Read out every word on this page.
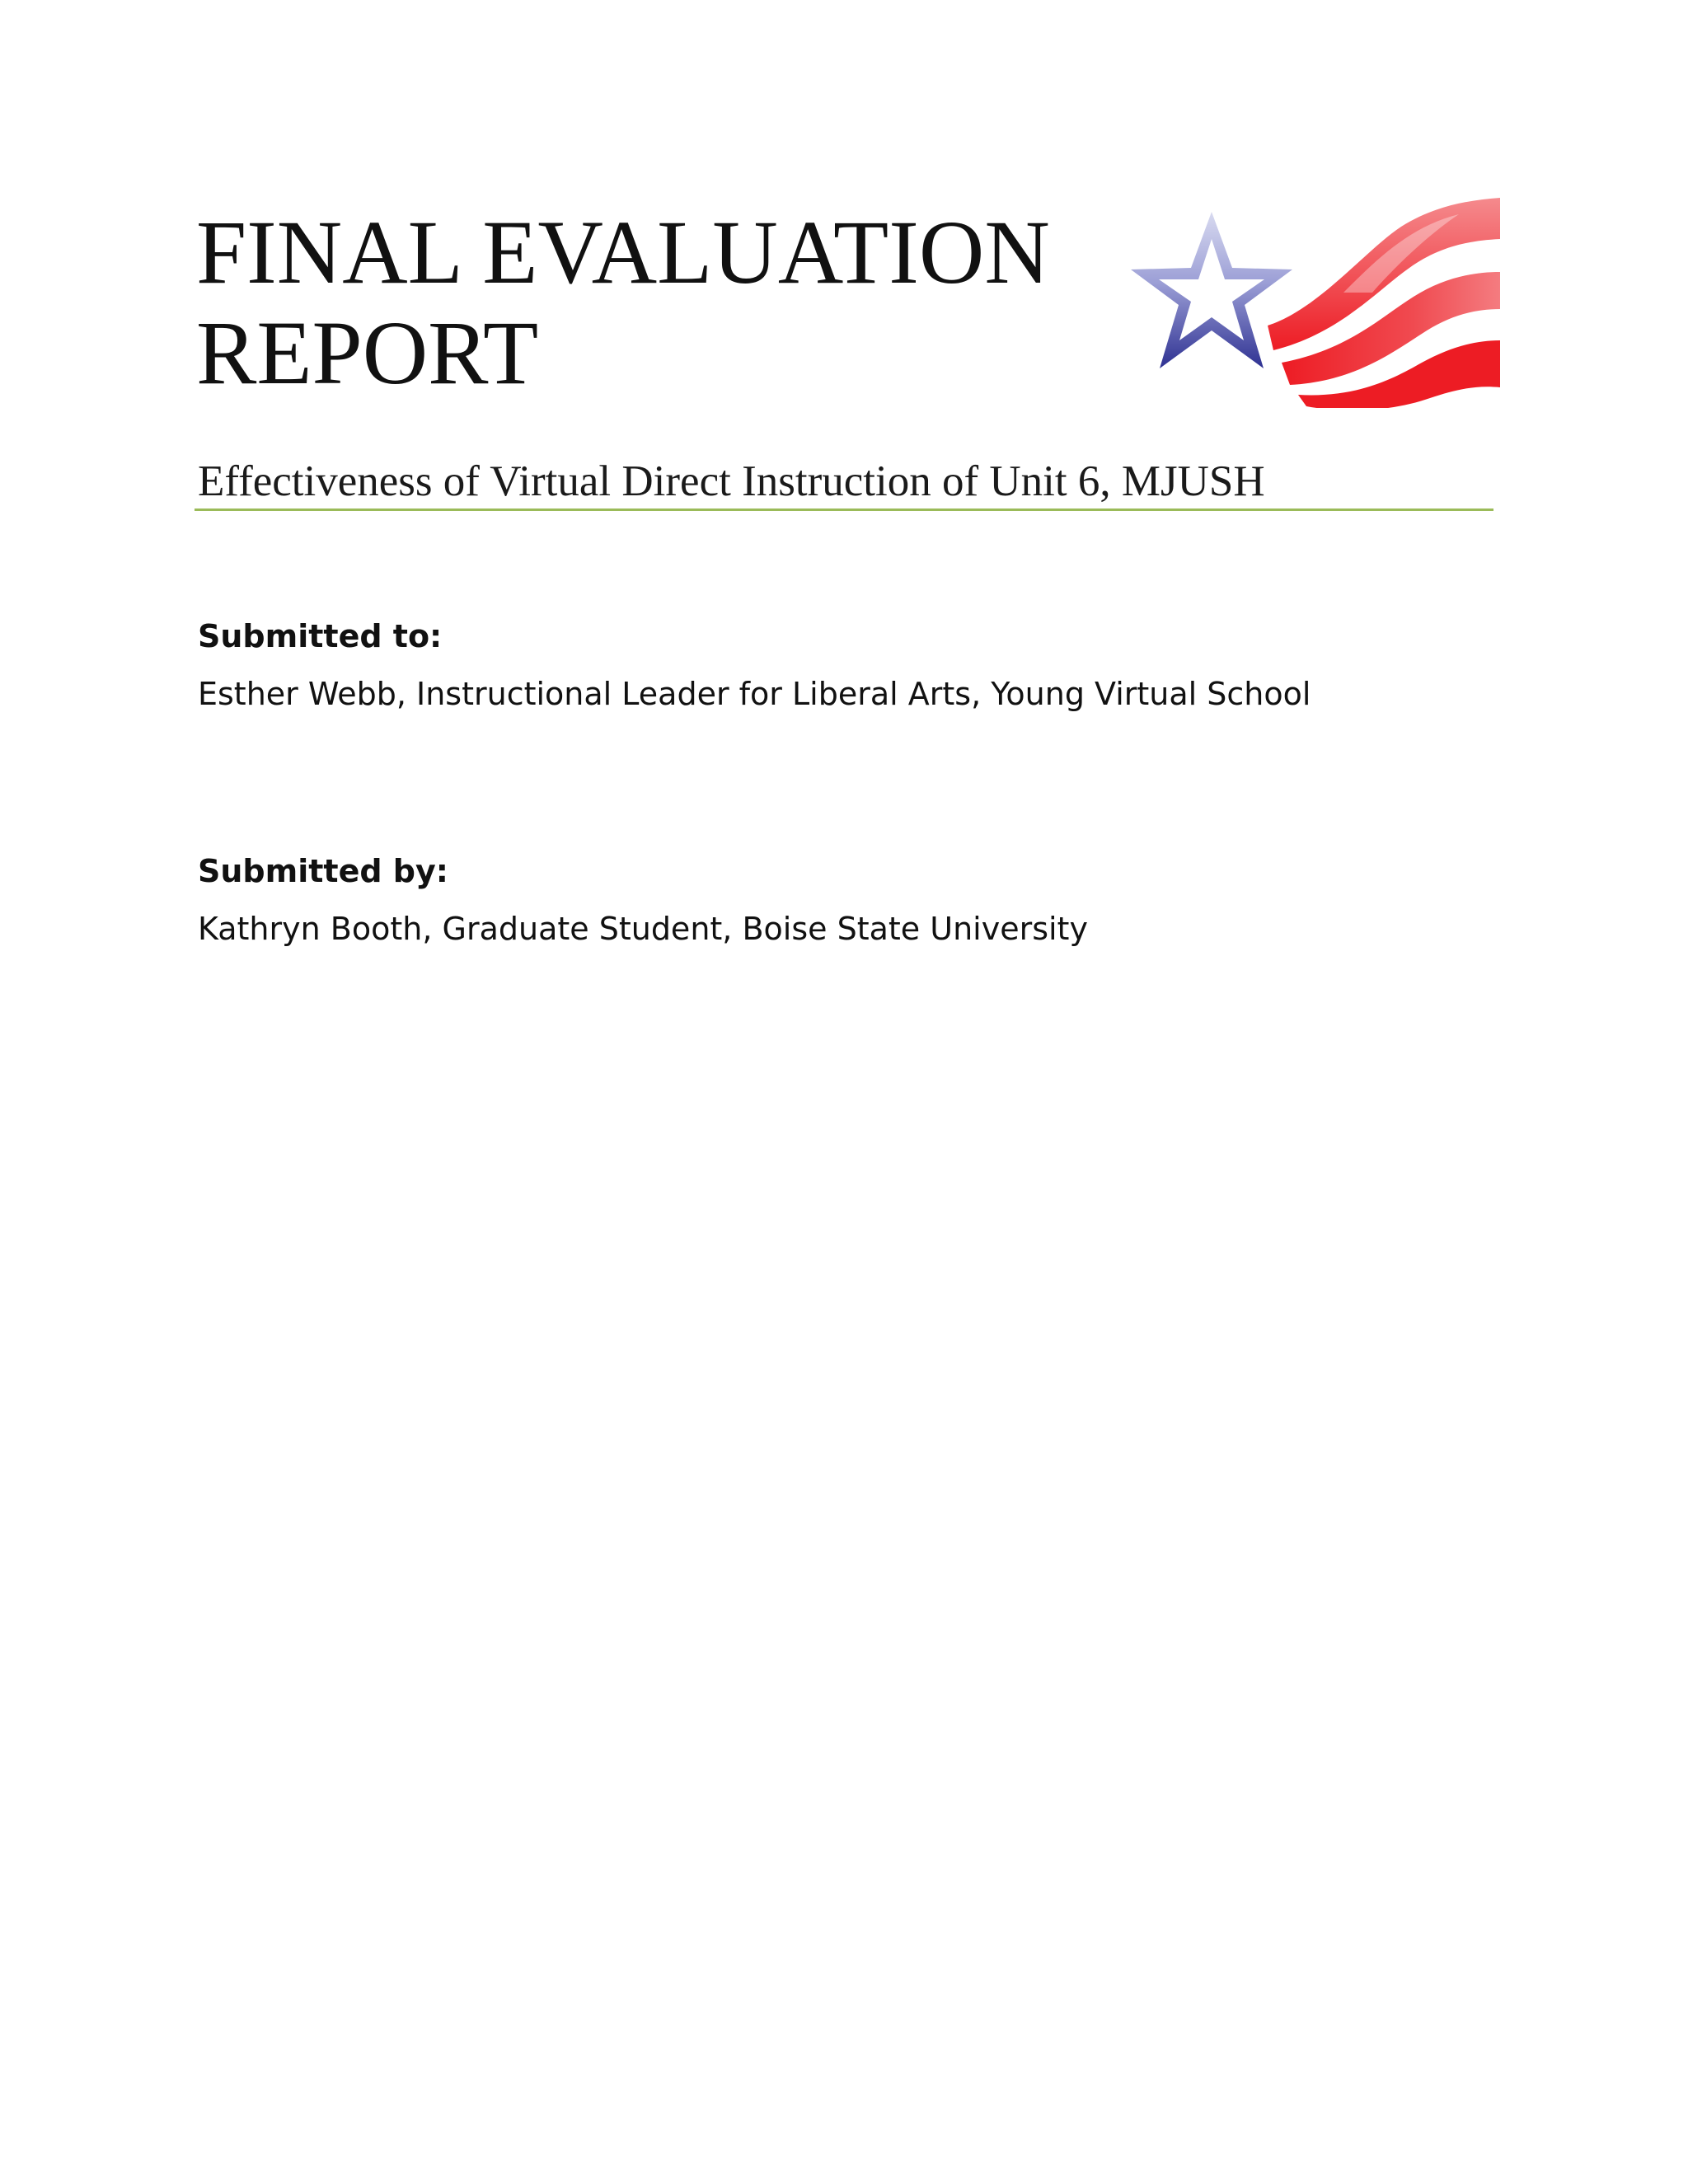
FINAL EVALUATION
REPORT
Effectiveness of Virtual Direct Instruction of Unit 6, MJUSH

Submitted to:

Esther Webb, Instructional Leader for Liberal Arts, Young Virtual School

Submitted by:

Kathryn Booth, Graduate Student, Boise State University
